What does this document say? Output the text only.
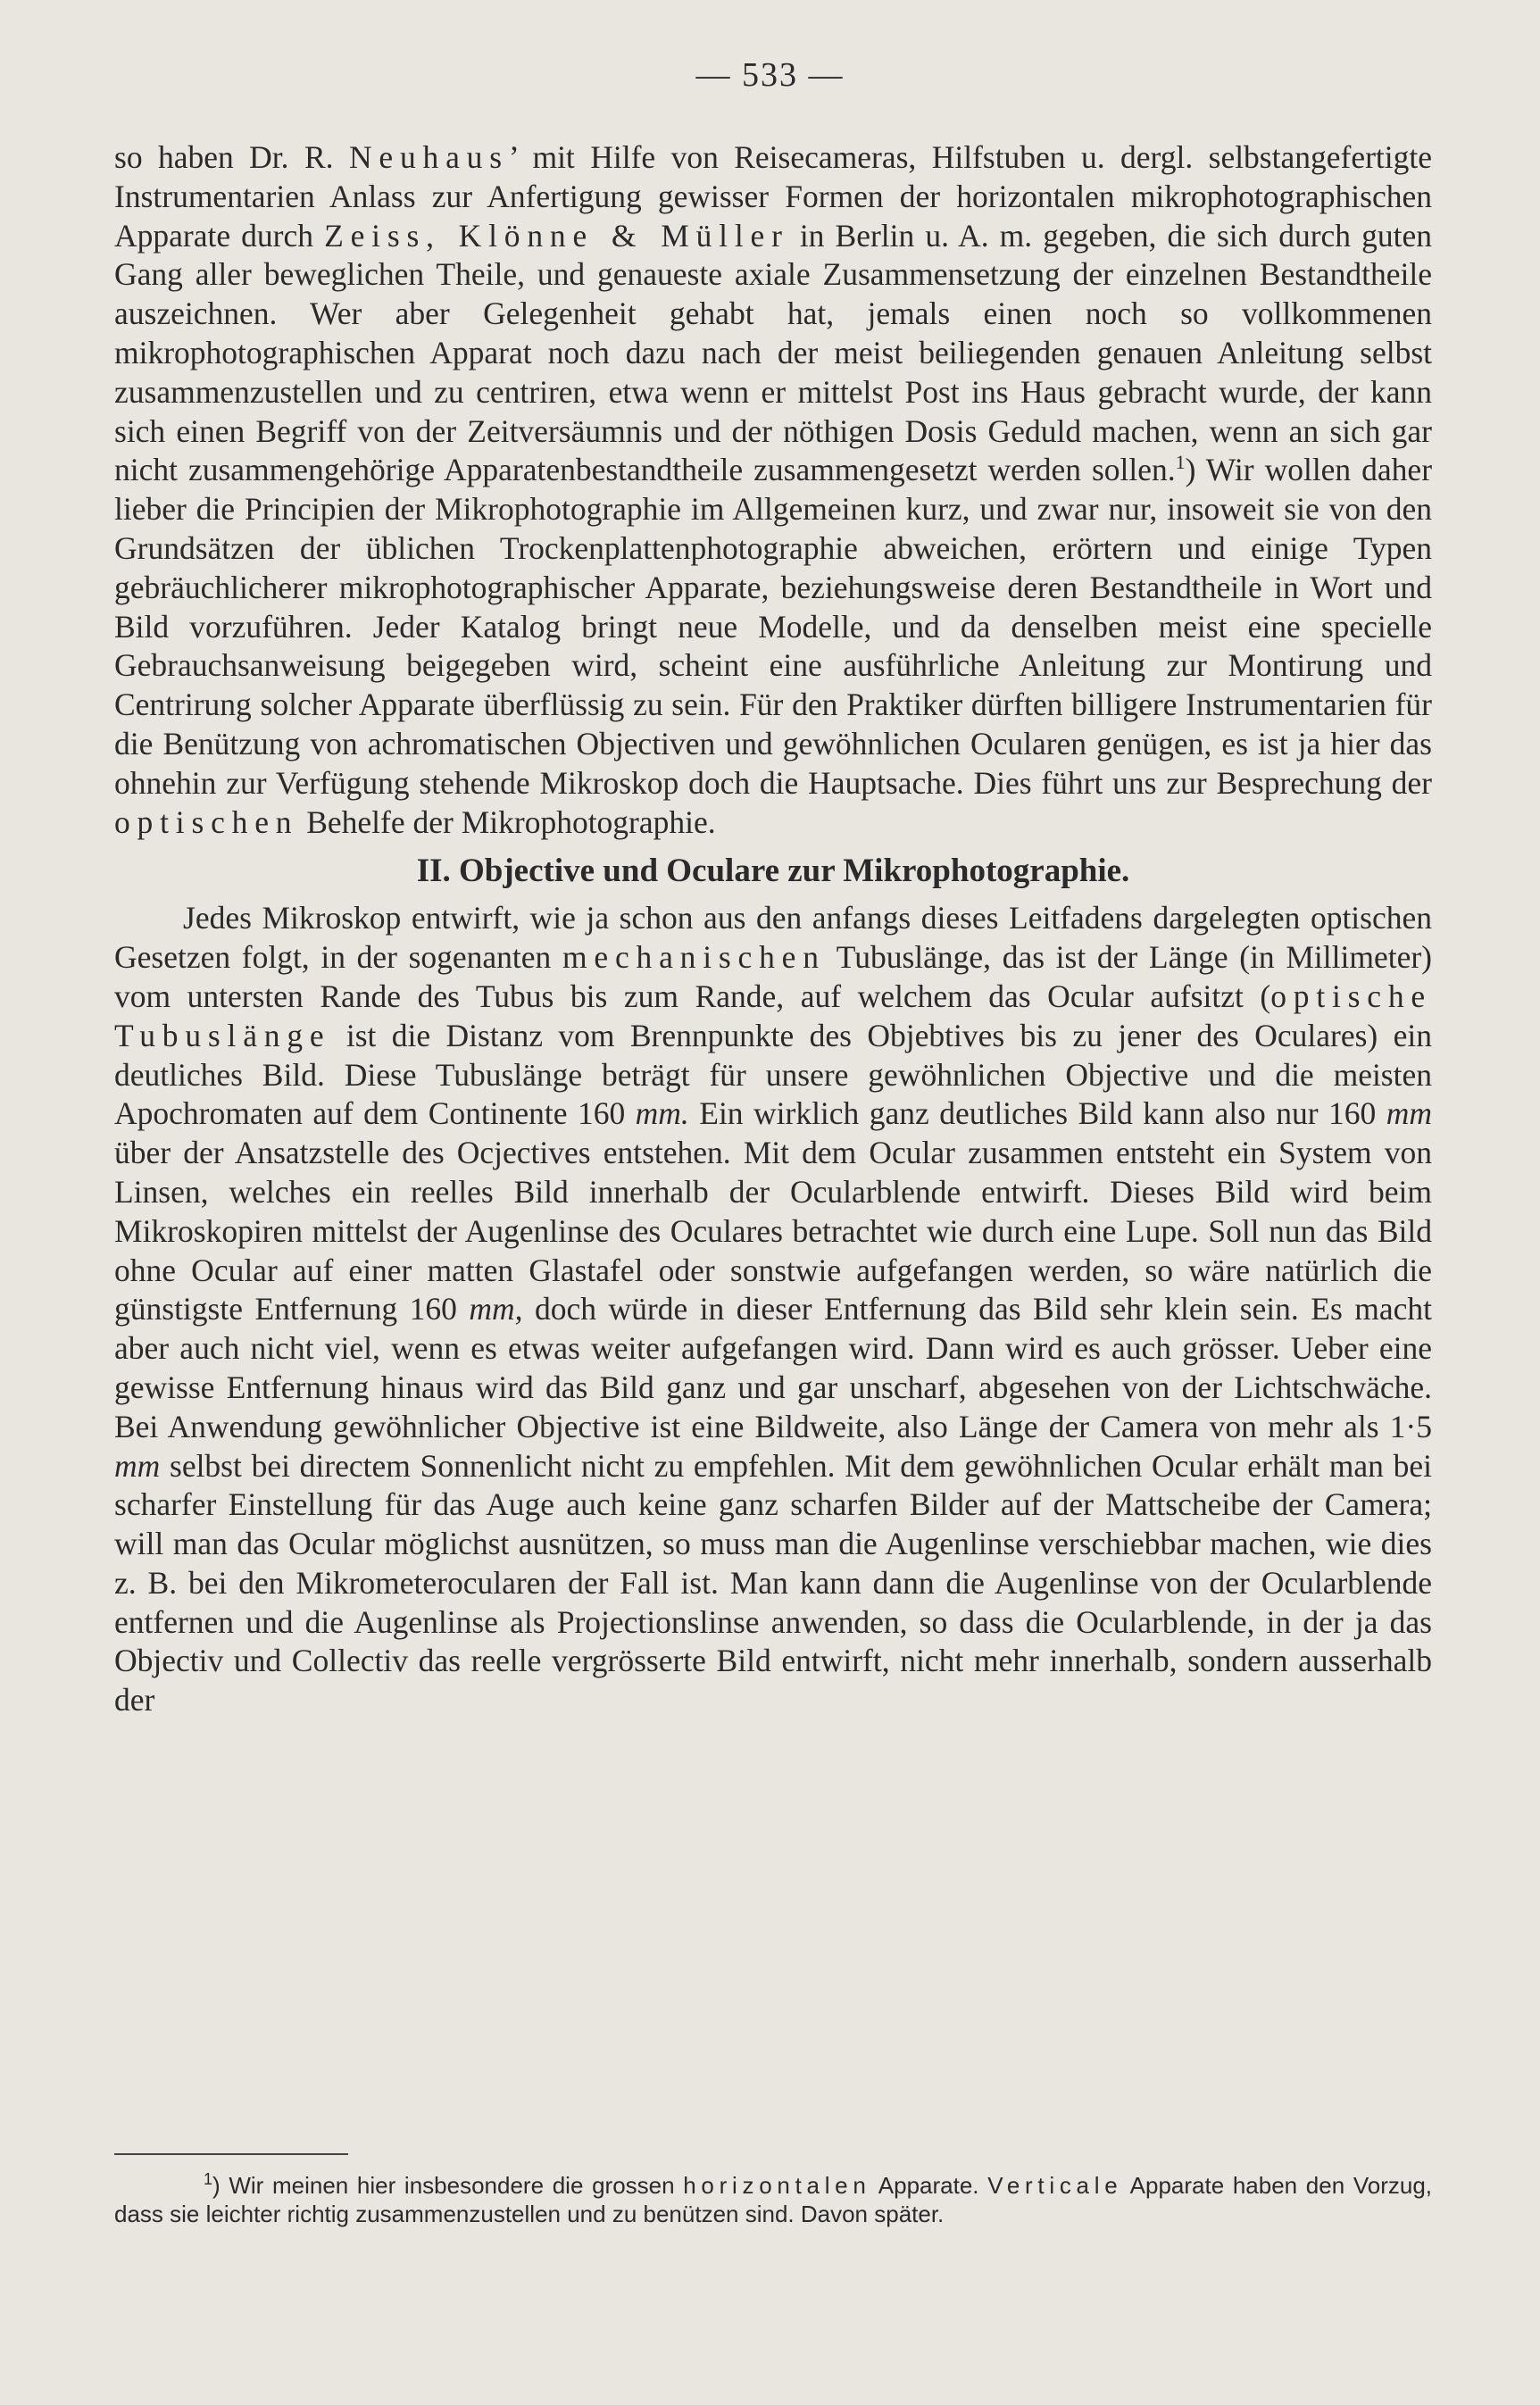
— 533 —

so haben Dr. R. Neuhaus’ mit Hilfe von Reisecameras, Hilfstuben u. dergl. selbstangefertigte Instrumentarien Anlass zur Anfertigung gewisser Formen der horizontalen mikrophotographischen Apparate durch Zeiss, Klönne & Müller in Berlin u. A. m. gegeben, die sich durch guten Gang aller beweglichen Theile, und genaueste axiale Zusammensetzung der einzelnen Bestandtheile auszeichnen. Wer aber Gelegenheit gehabt hat, jemals einen noch so vollkommenen mikrophotographischen Apparat noch dazu nach der meist beiliegenden genauen Anleitung selbst zusammenzustellen und zu centriren, etwa wenn er mittelst Post ins Haus gebracht wurde, der kann sich einen Begriff von der Zeitversäumnis und der nöthigen Dosis Geduld machen, wenn an sich gar nicht zusammengehörige Apparatenbestandtheile zusammengesetzt werden sollen.$^1$) Wir wollen daher lieber die Principien der Mikrophotographie im Allgemeinen kurz, und zwar nur, insoweit sie von den Grundsätzen der üblichen Trockenplattenphotographie abweichen, erörtern und einige Typen gebräuchlicherer mikrophotographischer Apparate, beziehungsweise deren Bestandtheile in Wort und Bild vorzuführen. Jeder Katalog bringt neue Modelle, und da denselben meist eine specielle Gebrauchsanweisung beigegeben wird, scheint eine ausführliche Anleitung zur Montirung und Centrirung solcher Apparate überflüssig zu sein. Für den Praktiker dürften billigere Instrumentarien für die Benützung von achromatischen Objectiven und gewöhnlichen Ocularen genügen, es ist ja hier das ohnehin zur Verfügung stehende Mikroskop doch die Hauptsache. Dies führt uns zur Besprechung der optischen Behelfe der Mikrophotographie.

II. Objective und Oculare zur Mikrophotographie.

Jedes Mikroskop entwirft, wie ja schon aus den anfangs dieses Leitfadens dargelegten optischen Gesetzen folgt, in der sogenanten mechanischen Tubuslänge, das ist der Länge (in Millimeter) vom untersten Rande des Tubus bis zum Rande, auf welchem das Ocular aufsitzt (optische Tubuslänge ist die Distanz vom Brennpunkte des Objebtives bis zu jener des Oculares) ein deutliches Bild. Diese Tubuslänge beträgt für unsere gewöhnlichen Objective und die meisten Apochromaten auf dem Continente 160 mm. Ein wirklich ganz deutliches Bild kann also nur 160 mm über der Ansatzstelle des Ocjectives entstehen. Mit dem Ocular zusammen entsteht ein System von Linsen, welches ein reelles Bild innerhalb der Ocularblende entwirft. Dieses Bild wird beim Mikroskopiren mittelst der Augenlinse des Oculares betrachtet wie durch eine Lupe. Soll nun das Bild ohne Ocular auf einer matten Glastafel oder sonstwie aufgefangen werden, so wäre natürlich die günstigste Entfernung 160 mm, doch würde in dieser Entfernung das Bild sehr klein sein. Es macht aber auch nicht viel, wenn es etwas weiter aufgefangen wird. Dann wird es auch grösser. Ueber eine gewisse Entfernung hinaus wird das Bild ganz und gar unscharf, abgesehen von der Lichtschwäche. Bei Anwendung gewöhnlicher Objective ist eine Bildweite, also Länge der Camera von mehr als 1·5 mm selbst bei directem Sonnenlicht nicht zu empfehlen. Mit dem gewöhnlichen Ocular erhält man bei scharfer Einstellung für das Auge auch keine ganz scharfen Bilder auf der Mattscheibe der Camera; will man das Ocular möglichst ausnützen, so muss man die Augenlinse verschiebbar machen, wie dies z. B. bei den Mikrometerocularen der Fall ist. Man kann dann die Augenlinse von der Ocularblende entfernen und die Augenlinse als Projectionslinse anwenden, so dass die Ocularblende, in der ja das Objectiv und Collectiv das reelle vergrösserte Bild entwirft, nicht mehr innerhalb, sondern ausserhalb der

$^1$) Wir meinen hier insbesondere die grossen horizontalen Apparate. Verticale Apparate haben den Vorzug, dass sie leichter richtig zusammenzustellen und zu benützen sind. Davon später.
